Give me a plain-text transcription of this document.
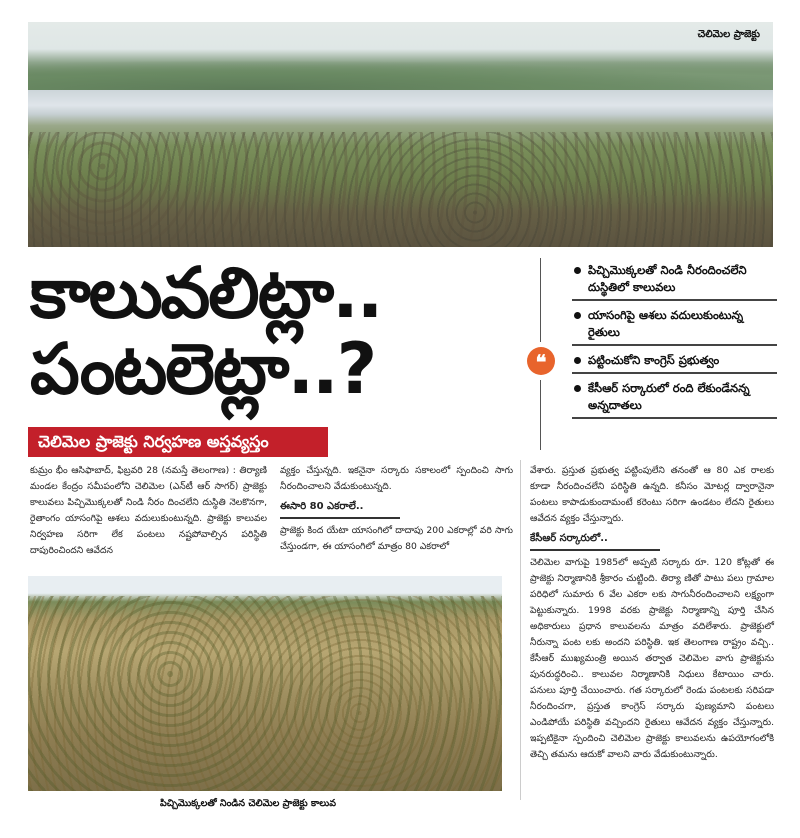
చెలిమెల ప్రాజెక్టు
కాలువలిట్లా..
పంటలెట్లా..?	❝
పిచ్చిమొక్కలతో నిండి నీరందించలేని దుస్థితిలో కాలువలు
యాసంగిపై ఆశలు వదులుకుంటున్న రైతులు
పట్టించుకోని కాంగ్రెస్‌ ప్రభుత్వం
కేసీఆర్‌ సర్కారులో రంది లేకుండేనన్న అన్నదాతలు
చెలిమెల ప్రాజెక్టు నిర్వహణ అస్తవ్యస్తం

కుమ్రం భీం ఆసిఫాబాద్‌, ఫిబ్రవరి 28 (నమస్తే తెలంగాణ) : తిర్యాణి మండల కేంద్రం సమీపంలోని చెలిమెల (ఎన్‌టీ ఆర్‌ సాగర్‌) ప్రాజెక్టు కాలువలు పిచ్చిమొక్కలతో నిండి నీరం దించలేని దుస్థితి నెలకొనగా, రైతాంగం యాసంగిపై ఆశలు వదులుకుంటున్నది. ప్రాజెక్టు కాలువల నిర్వహణ సరిగా లేక పంటలు నష్టపోవాల్సిన పరిస్థితి దాపురించిందని ఆవేదన

వ్యక్తం చేస్తున్నది. ఇకనైనా సర్కారు సకాలంలో స్పందించి సాగు నీరందించాలని వేడుకుంటున్నది.

ఈసారి 80 ఎకరాలే..

ప్రాజెక్టు కింద యేటా యాసంగిలో దాదాపు 200 ఎకరాల్లో వరి సాగు చేస్తుండగా, ఈ యాసంగిలో మాత్రం 80 ఎకరాలో

వేశారు. ప్రస్తుత ప్రభుత్వ పట్టింపులేని తనంతో ఆ 80 ఎక రాలకు కూడా నీరందించలేని పరిస్థితి ఉన్నది. కనీసం మోటర్ల ద్వారానైనా పంటలు కాపాడుకుందామంటే కరెంటు సరిగా ఉండటం లేదని రైతులు ఆవేదన వ్యక్తం చేస్తున్నారు.

కేసీఆర్‌ సర్కారులో..

చెలిమెల వాగుపై 1985లో అప్పటి సర్కారు రూ. 120 కోట్లతో ఈ ప్రాజెక్టు నిర్మాణానికి శ్రీకారం చుట్టింది. తిర్యా ణితో పాటు పలు గ్రామాల పరిధిలో సుమారు 6 వేల ఎకరా లకు సాగునీరందించాలని లక్ష్యంగా పెట్టుకున్నారు. 1998 వరకు ప్రాజెక్టు నిర్మాణాన్ని పూర్తి చేసిన అధికారులు ప్రధాన కాలువలను మాత్రం వదిలేశారు. ప్రాజెక్టులో నీరున్నా పంట లకు అందని పరిస్థితి. ఇక తెలంగాణ రాష్ట్రం వచ్చి.. కేసీఆర్‌ ముఖ్యమంత్రి అయిన తర్వాత చెలిమెల వాగు ప్రాజెక్టును పునరుద్ధరించి.. కాలువల నిర్మాణానికి నిధులు కేటాయిం చారు. పనులు పూర్తి చేయించారు. గత సర్కారులో రెండు పంటలకు సరిపడా నీరందించగా, ప్రస్తుత కాంగ్రెస్‌ సర్కారు పుణ్యమాని పంటలు ఎండిపోయే పరిస్థితి వచ్చిందని రైతులు ఆవేదన వ్యక్తం చేస్తున్నారు. ఇప్పటికైనా స్పందించి చెలిమెల ప్రాజెక్టు కాలువలను ఉపయోగంలోకి తెచ్చి తమను ఆదుకో వాలని వారు వేడుకుంటున్నారు.

పిచ్చిమొక్కలతో నిండిన చెలిమెల ప్రాజెక్టు కాలువ
